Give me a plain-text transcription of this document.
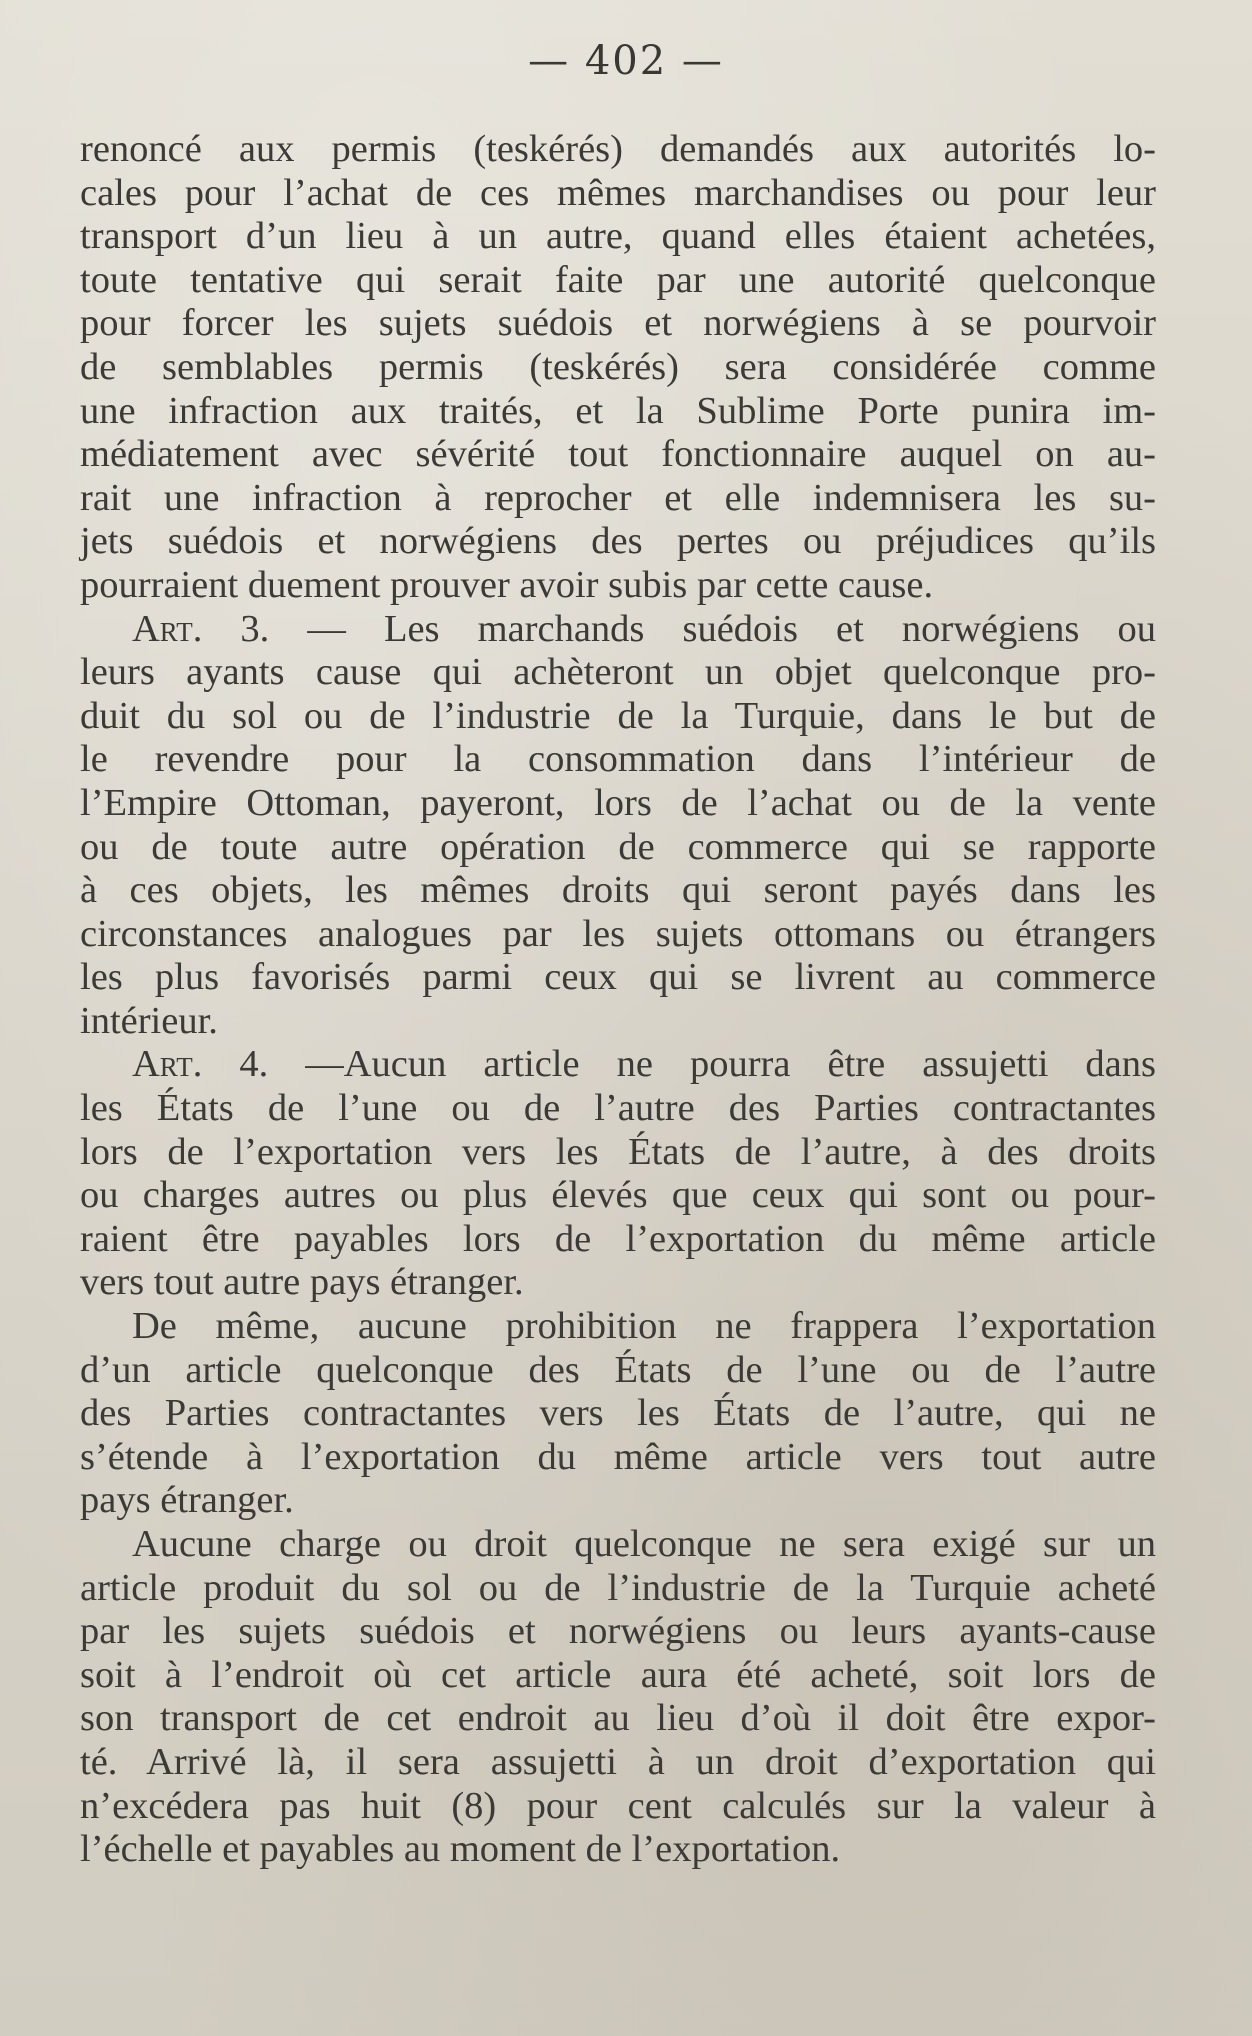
— 402 —
renoncé aux permis (teskérés) demandés aux autorités lo-
cales pour l’achat de ces mêmes marchandises ou pour leur
transport d’un lieu à un autre, quand elles étaient achetées,
toute tentative qui serait faite par une autorité quelconque
pour forcer les sujets suédois et norwégiens à se pourvoir
de semblables permis (teskérés) sera considérée comme
une infraction aux traités, et la Sublime Porte punira im-
médiatement avec sévérité tout fonctionnaire auquel on au-
rait une infraction à reprocher et elle indemnisera les su-
jets suédois et norwégiens des pertes ou préjudices qu’ils
pourraient duement prouver avoir subis par cette cause.
Art. 3. — Les marchands suédois et norwégiens ou
leurs ayants cause qui achèteront un objet quelconque pro-
duit du sol ou de l’industrie de la Turquie, dans le but de
le revendre pour la consommation dans l’intérieur de
l’Empire Ottoman, payeront, lors de l’achat ou de la vente
ou de toute autre opération de commerce qui se rapporte
à ces objets, les mêmes droits qui seront payés dans les
circonstances analogues par les sujets ottomans ou étrangers
les plus favorisés parmi ceux qui se livrent au commerce
intérieur.
Art. 4. —Aucun article ne pourra être assujetti dans
les États de l’une ou de l’autre des Parties contractantes
lors de l’exportation vers les États de l’autre, à des droits
ou charges autres ou plus élevés que ceux qui sont ou pour-
raient être payables lors de l’exportation du même article
vers tout autre pays étranger.
De même, aucune prohibition ne frappera l’exportation
d’un article quelconque des États de l’une ou de l’autre
des Parties contractantes vers les États de l’autre, qui ne
s’étende à l’exportation du même article vers tout autre
pays étranger.
Aucune charge ou droit quelconque ne sera exigé sur un
article produit du sol ou de l’industrie de la Turquie acheté
par les sujets suédois et norwégiens ou leurs ayants-cause
soit à l’endroit où cet article aura été acheté, soit lors de
son transport de cet endroit au lieu d’où il doit être expor-
té. Arrivé là, il sera assujetti à un droit d’exportation qui
n’excédera pas huit (8) pour cent calculés sur la valeur à
l’échelle et payables au moment de l’exportation.
